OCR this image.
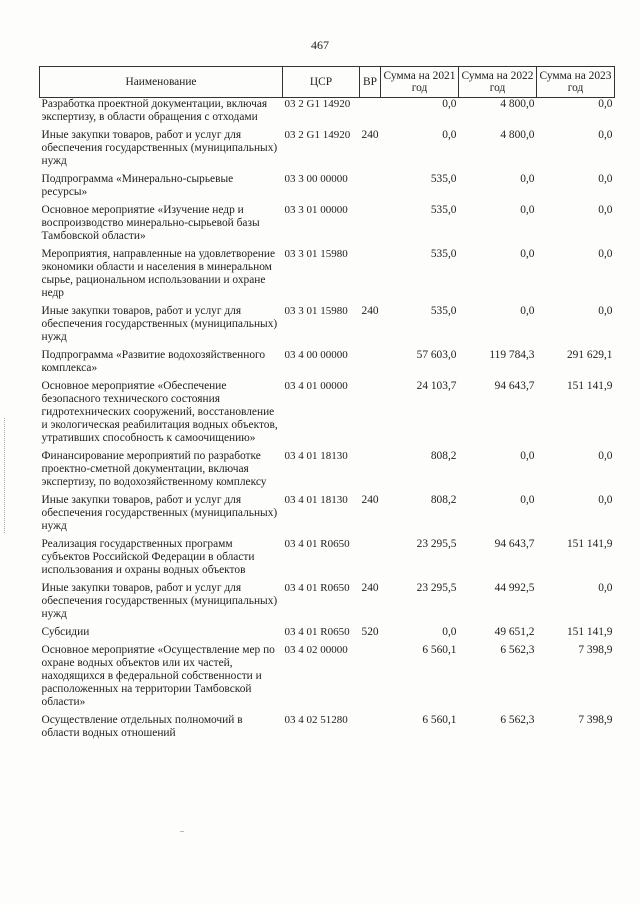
467
Наименование	ЦСР	ВР	Сумма на 2021 год	Сумма на 2022 год	Сумма на 2023 год
Разработка проектной документации, включая экспертизу, в области обращения с отходами	03 2 G1 14920		0,0	4 800,0	0,0
Иные закупки товаров, работ и услуг для обеспечения государственных (муниципальных) нужд	03 2 G1 14920	240	0,0	4 800,0	0,0
Подпрограмма «Минерально-сырьевые ресурсы»	03 3 00 00000		535,0	0,0	0,0
Основное мероприятие «Изучение недр и воспроизводство минерально-сырьевой базы Тамбовской области»	03 3 01 00000		535,0	0,0	0,0
Мероприятия, направленные на удовлетворение экономики области и населения в минеральном сырье, рациональном использовании и охране недр	03 3 01 15980		535,0	0,0	0,0
Иные закупки товаров, работ и услуг для обеспечения государственных (муниципальных) нужд	03 3 01 15980	240	535,0	0,0	0,0
Подпрограмма «Развитие водохозяйственного комплекса»	03 4 00 00000		57 603,0	119 784,3	291 629,1
Основное мероприятие «Обеспечение безопасного технического состояния гидротехнических сооружений, восстановление и экологическая реабилитация водных объектов, утративших способность к самоочищению»	03 4 01 00000		24 103,7	94 643,7	151 141,9
Финансирование мероприятий по разработке проектно-сметной документации, включая экспертизу, по водохозяйственному комплексу	03 4 01 18130		808,2	0,0	0,0
Иные закупки товаров, работ и услуг для обеспечения государственных (муниципальных) нужд	03 4 01 18130	240	808,2	0,0	0,0
Реализация государственных программ субъектов Российской Федерации в области использования и охраны водных объектов	03 4 01 R0650		23 295,5	94 643,7	151 141,9
Иные закупки товаров, работ и услуг для обеспечения государственных (муниципальных) нужд	03 4 01 R0650	240	23 295,5	44 992,5	0,0
Субсидии	03 4 01 R0650	520	0,0	49 651,2	151 141,9
Основное мероприятие «Осуществление мер по охране водных объектов или их частей, находящихся в федеральной собственности и расположенных на территории Тамбовской области»	03 4 02 00000		6 560,1	6 562,3	7 398,9
Осуществление отдельных полномочий в области водных отношений	03 4 02 51280		6 560,1	6 562,3	7 398,9
